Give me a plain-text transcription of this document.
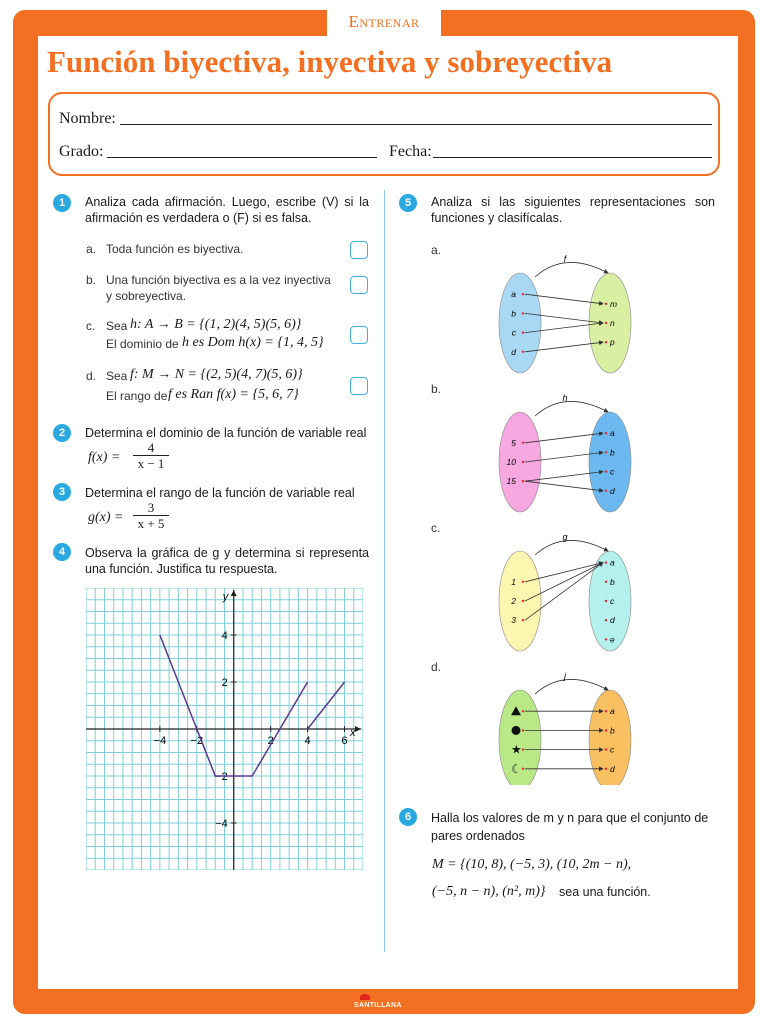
Entrenar
Función biyectiva, inyectiva y sobreyectiva
Nombre:
Grado:	Fecha:
1	Analiza cada afirmación. Luego, escribe (V) si la afirmación es verdadera o (F) si es falsa.
a. Toda función es biyectiva.
b. Una función biyectiva es a la vez inyectiva
y sobreyectiva.
c. Sea h: A → B = {(1, 2)(4, 5)(5, 6)}
El dominio de h es Dom h(x) = {1, 4, 5}
d. Sea f: M → N = {(2, 5)(4, 7)(5, 6)}
El rango de f es Ran f(x) = {5, 6, 7}
2	Determina el dominio de la función de variable real
$f(x) = \frac{4}{x - 1}$
3	Determina el rango de la función de variable real
$g(x) = \frac{3}{x + 5}$
4	Observa la gráfica de g y determina si representa una función. Justifica tu respuesta.
−4 −2	2	4	6
4
2
−2
−4
x
y
5	Analiza si las siguientes representaciones son funciones y clasifícalas.
a.
b.
c.
d.
f
a
b
c
d
m
n
p
h
5
10
15
a
b
c
d
g
1
2
3
a
b
c
d
e
j
★
☾
a
b
c
d
6	Halla los valores de m y n para que el conjunto de pares ordenados
M = {(10, 8), (−5, 3), (10, 2m − n),
(−5, n − n), (n², m)} sea una función.

SANTILLANA
